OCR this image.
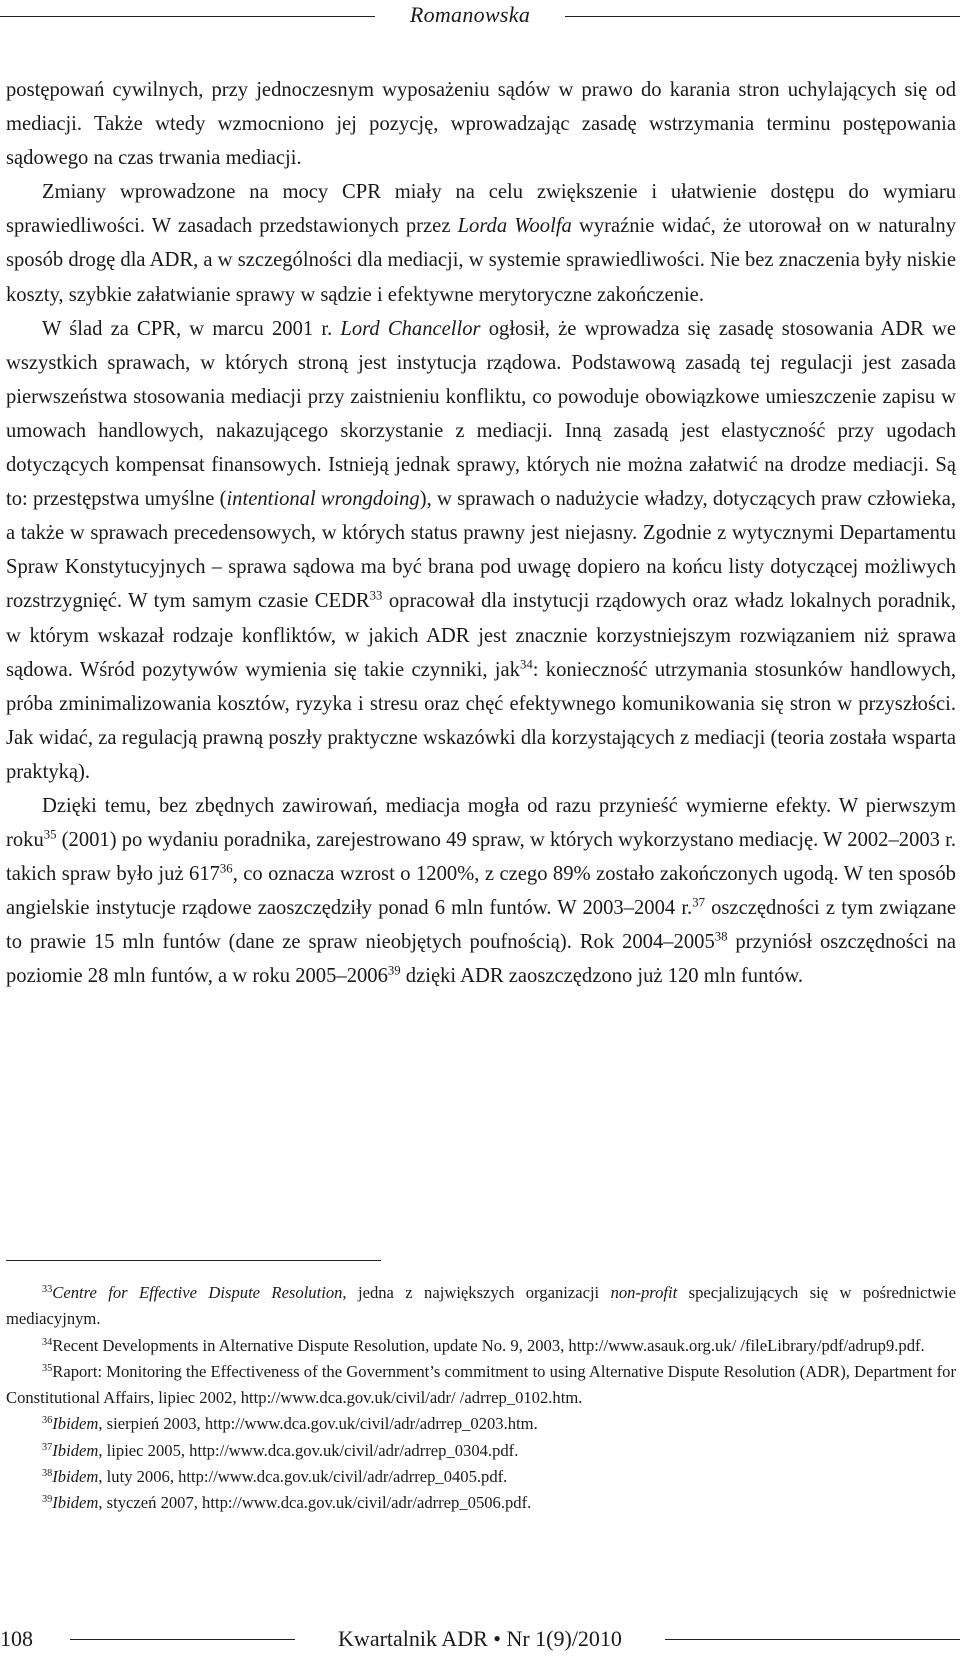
Romanowska

postępowań cywilnych, przy jednoczesnym wyposażeniu sądów w prawo do karania stron uchylających się od mediacji. Także wtedy wzmocniono jej pozycję, wprowadzając zasadę wstrzymania terminu postępowania sądowego na czas trwania mediacji.

Zmiany wprowadzone na mocy CPR miały na celu zwiększenie i ułatwienie dostępu do wymiaru sprawiedliwości. W zasadach przedstawionych przez Lorda Woolfa wyraźnie widać, że utorował on w naturalny sposób drogę dla ADR, a w szczególności dla mediacji, w systemie sprawiedliwości. Nie bez znaczenia były niskie koszty, szybkie załatwianie sprawy w sądzie i efektywne merytoryczne zakończenie.

W ślad za CPR, w marcu 2001 r. Lord Chancellor ogłosił, że wprowadza się zasadę stosowania ADR we wszystkich sprawach, w których stroną jest instytucja rządowa. Podstawową zasadą tej regulacji jest zasada pierwszeństwa stosowania mediacji przy zaistnieniu konfliktu, co powoduje obowiązkowe umieszczenie zapisu w umowach handlowych, nakazującego skorzystanie z mediacji. Inną zasadą jest elastyczność przy ugodach dotyczących kompensat finansowych. Istnieją jednak sprawy, których nie można załatwić na drodze mediacji. Są to: przestępstwa umyślne (intentional wrongdoing), w sprawach o nadużycie władzy, dotyczących praw człowieka, a także w sprawach precedensowych, w których status prawny jest niejasny. Zgodnie z wytycznymi Departamentu Spraw Konstytucyjnych – sprawa sądowa ma być brana pod uwagę dopiero na końcu listy dotyczącej możliwych rozstrzygnięć. W tym samym czasie CEDR$^{33}$ opracował dla instytucji rządowych oraz władz lokalnych poradnik, w którym wskazał rodzaje konfliktów, w jakich ADR jest znacznie korzystniejszym rozwiązaniem niż sprawa sądowa. Wśród pozytywów wymienia się takie czynniki, jak$^{34}$: konieczność utrzymania stosunków handlowych, próba zminimalizowania kosztów, ryzyka i stresu oraz chęć efektywnego komunikowania się stron w przyszłości. Jak widać, za regulacją prawną poszły praktyczne wskazówki dla korzystających z mediacji (teoria została wsparta praktyką).

Dzięki temu, bez zbędnych zawirowań, mediacja mogła od razu przynieść wymierne efekty. W pierwszym roku$^{35}$ (2001) po wydaniu poradnika, zarejestrowano 49 spraw, w których wykorzystano mediację. W 2002–2003 r. takich spraw było już $617^{36}$, co oznacza wzrost o 1200%, z czego 89% zostało zakończonych ugodą. W ten sposób angielskie instytucje rządowe zaoszczędziły ponad 6 mln funtów. W 2003–2004 r.$^{37}$ oszczędności z tym związane to prawie 15 mln funtów (dane ze spraw nieobjętych poufnością). Rok 2004–2005$^{38}$ przyniósł oszczędności na poziomie 28 mln funtów, a w roku 2005–2006$^{39}$ dzięki ADR zaoszczędzono już 120 mln funtów.

$^{33}$Centre for Effective Dispute Resolution, jedna z największych organizacji non-profit specjalizujących się w pośrednictwie mediacyjnym.

$^{34}$Recent Developments in Alternative Dispute Resolution, update No. 9, 2003, http://www.asauk.org.uk/ /fileLibrary/pdf/adrup9.pdf.

$^{35}$Raport: Monitoring the Effectiveness of the Government’s commitment to using Alternative Dispute Resolution (ADR), Department for Constitutional Affairs, lipiec 2002, http://www.dca.gov.uk/civil/adr/ /adrrep_0102.htm.

$^{36}$Ibidem, sierpień 2003, http://www.dca.gov.uk/civil/adr/adrrep_0203.htm.

$^{37}$Ibidem, lipiec 2005, http://www.dca.gov.uk/civil/adr/adrrep_0304.pdf.

$^{38}$Ibidem, luty 2006, http://www.dca.gov.uk/civil/adr/adrrep_0405.pdf.

$^{39}$Ibidem, styczeń 2007, http://www.dca.gov.uk/civil/adr/adrrep_0506.pdf.

108	Kwartalnik ADR • Nr 1(9)/2010
